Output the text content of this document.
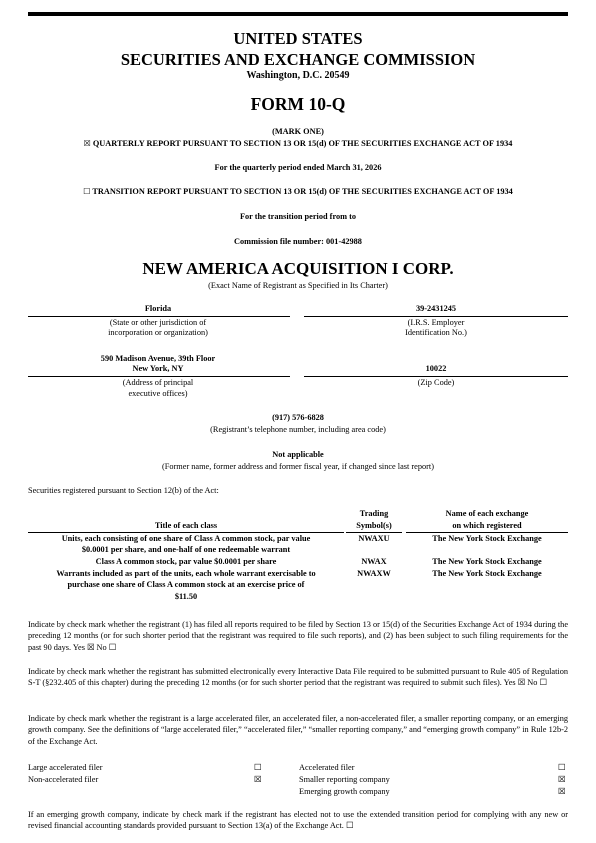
UNITED STATES
SECURITIES AND EXCHANGE COMMISSION
Washington, D.C. 20549
FORM 10-Q
(MARK ONE)
☒ QUARTERLY REPORT PURSUANT TO SECTION 13 OR 15(d) OF THE SECURITIES EXCHANGE ACT OF 1934
For the quarterly period ended March 31, 2026
☐ TRANSITION REPORT PURSUANT TO SECTION 13 OR 15(d) OF THE SECURITIES EXCHANGE ACT OF 1934
For the transition period from to
Commission file number: 001-42988
NEW AMERICA ACQUISITION I CORP.
(Exact Name of Registrant as Specified in Its Charter)
Florida
(State or other jurisdiction of
incorporation or organization)
39-2431245
(I.R.S. Employer
Identification No.)
590 Madison Avenue, 39th Floor
New York, NY
(Address of principal
executive offices)
10022
(Zip Code)
(917) 576-6828
(Registrant’s telephone number, including area code)
Not applicable
(Former name, former address and former fiscal year, if changed since last report)
Securities registered pursuant to Section 12(b) of the Act:
Title of each class
Trading
Symbol(s)
Name of each exchange
on which registered
Units, each consisting of one share of Class A common stock, par value
$0.0001 per share, and one-half of one redeemable warrant
NWAXU	The New York Stock Exchange
Class A common stock, par value $0.0001 per share	NWAX	The New York Stock Exchange
Warrants included as part of the units, each whole warrant exercisable to
purchase one share of Class A common stock at an exercise price of
$11.50
NWAXW	The New York Stock Exchange
Indicate by check mark whether the registrant (1) has filed all reports required to be filed by Section 13 or 15(d) of the Securities Exchange Act of 1934 during the preceding 12 months (or for such shorter period that the registrant was required to file such reports), and (2) has been subject to such filing requirements for the past 90 days. Yes ☒ No ☐
Indicate by check mark whether the registrant has submitted electronically every Interactive Data File required to be submitted pursuant to Rule 405 of Regulation S-T (§232.405 of this chapter) during the preceding 12 months (or for such shorter period that the registrant was required to submit such files). Yes ☒ No ☐
Indicate by check mark whether the registrant is a large accelerated filer, an accelerated filer, a non-accelerated filer, a smaller reporting company, or an emerging growth company. See the definitions of “large accelerated filer,” “accelerated filer,” “smaller reporting company,” and “emerging growth company” in Rule 12b-2 of the Exchange Act.
Large accelerated filer	☐
Non-accelerated filer	☒
Accelerated filer	☐
Smaller reporting company	☒
Emerging growth company	☒
If an emerging growth company, indicate by check mark if the registrant has elected not to use the extended transition period for complying with any new or revised financial accounting standards provided pursuant to Section 13(a) of the Exchange Act. ☐
